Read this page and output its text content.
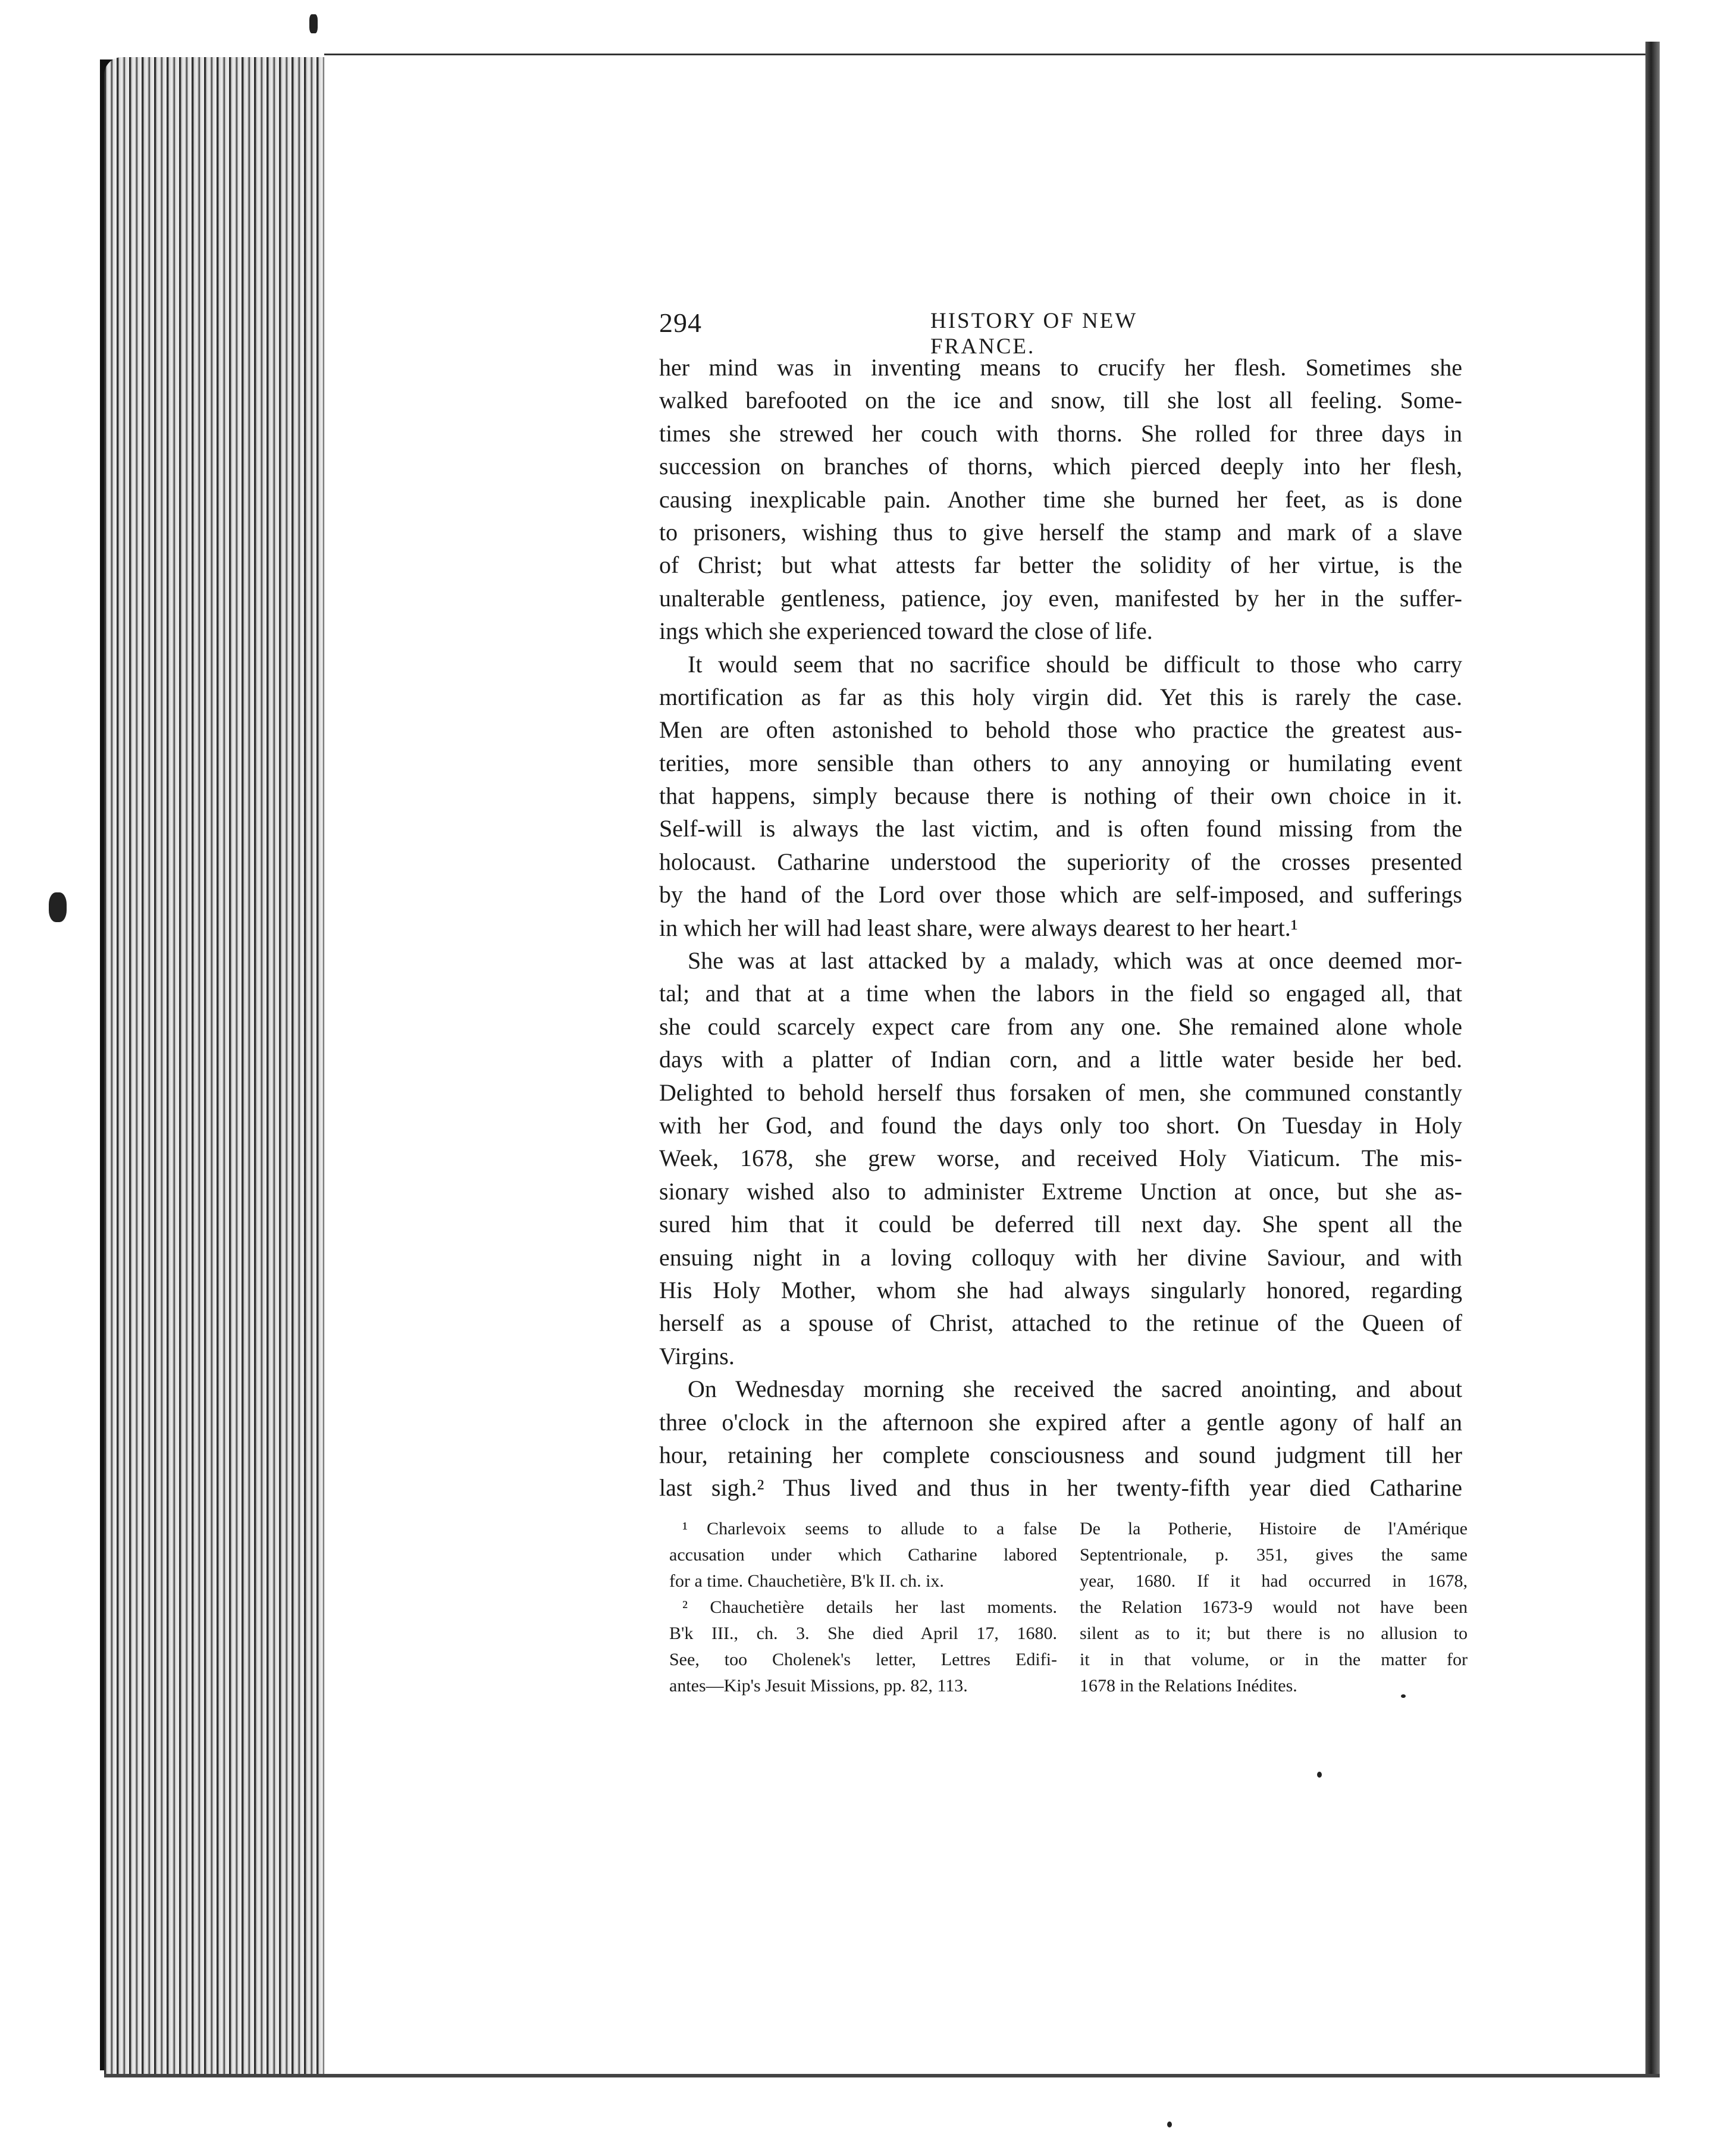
294	HISTORY OF NEW FRANCE.
her mind was in inventing means to crucify her flesh. Sometimes she
walked barefooted on the ice and snow, till she lost all feeling. Some-
times she strewed her couch with thorns. She rolled for three days in
succession on branches of thorns, which pierced deeply into her flesh,
causing inexplicable pain. Another time she burned her feet, as is done
to prisoners, wishing thus to give herself the stamp and mark of a slave
of Christ; but what attests far better the solidity of her virtue, is the
unalterable gentleness, patience, joy even, manifested by her in the suffer-
ings which she experienced toward the close of life.
It would seem that no sacrifice should be difficult to those who carry
mortification as far as this holy virgin did. Yet this is rarely the case.
Men are often astonished to behold those who practice the greatest aus-
terities, more sensible than others to any annoying or humilating event
that happens, simply because there is nothing of their own choice in it.
Self-will is always the last victim, and is often found missing from the
holocaust. Catharine understood the superiority of the crosses presented
by the hand of the Lord over those which are self-imposed, and sufferings
in which her will had least share, were always dearest to her heart.¹
She was at last attacked by a malady, which was at once deemed mor-
tal; and that at a time when the labors in the field so engaged all, that
she could scarcely expect care from any one. She remained alone whole
days with a platter of Indian corn, and a little water beside her bed.
Delighted to behold herself thus forsaken of men, she communed constantly
with her God, and found the days only too short. On Tuesday in Holy
Week, 1678, she grew worse, and received Holy Viaticum. The mis-
sionary wished also to administer Extreme Unction at once, but she as-
sured him that it could be deferred till next day. She spent all the
ensuing night in a loving colloquy with her divine Saviour, and with
His Holy Mother, whom she had always singularly honored, regarding
herself as a spouse of Christ, attached to the retinue of the Queen of
Virgins.
On Wednesday morning she received the sacred anointing, and about
three o'clock in the afternoon she expired after a gentle agony of half an
hour, retaining her complete consciousness and sound judgment till her
last sigh.² Thus lived and thus in her twenty-fifth year died Catharine
¹ Charlevoix seems to allude to a false
accusation under which Catharine labored
for a time. Chauchetière, B'k II. ch. ix.
² Chauchetière details her last moments.
B'k III., ch. 3. She died April 17, 1680.
See, too Cholenek's letter, Lettres Edifi-
antes—Kip's Jesuit Missions, pp. 82, 113.
De la Potherie, Histoire de l'Amérique
Septentrionale, p. 351, gives the same
year, 1680. If it had occurred in 1678,
the Relation 1673-9 would not have been
silent as to it; but there is no allusion to
it in that volume, or in the matter for
1678 in the Relations Inédites.
